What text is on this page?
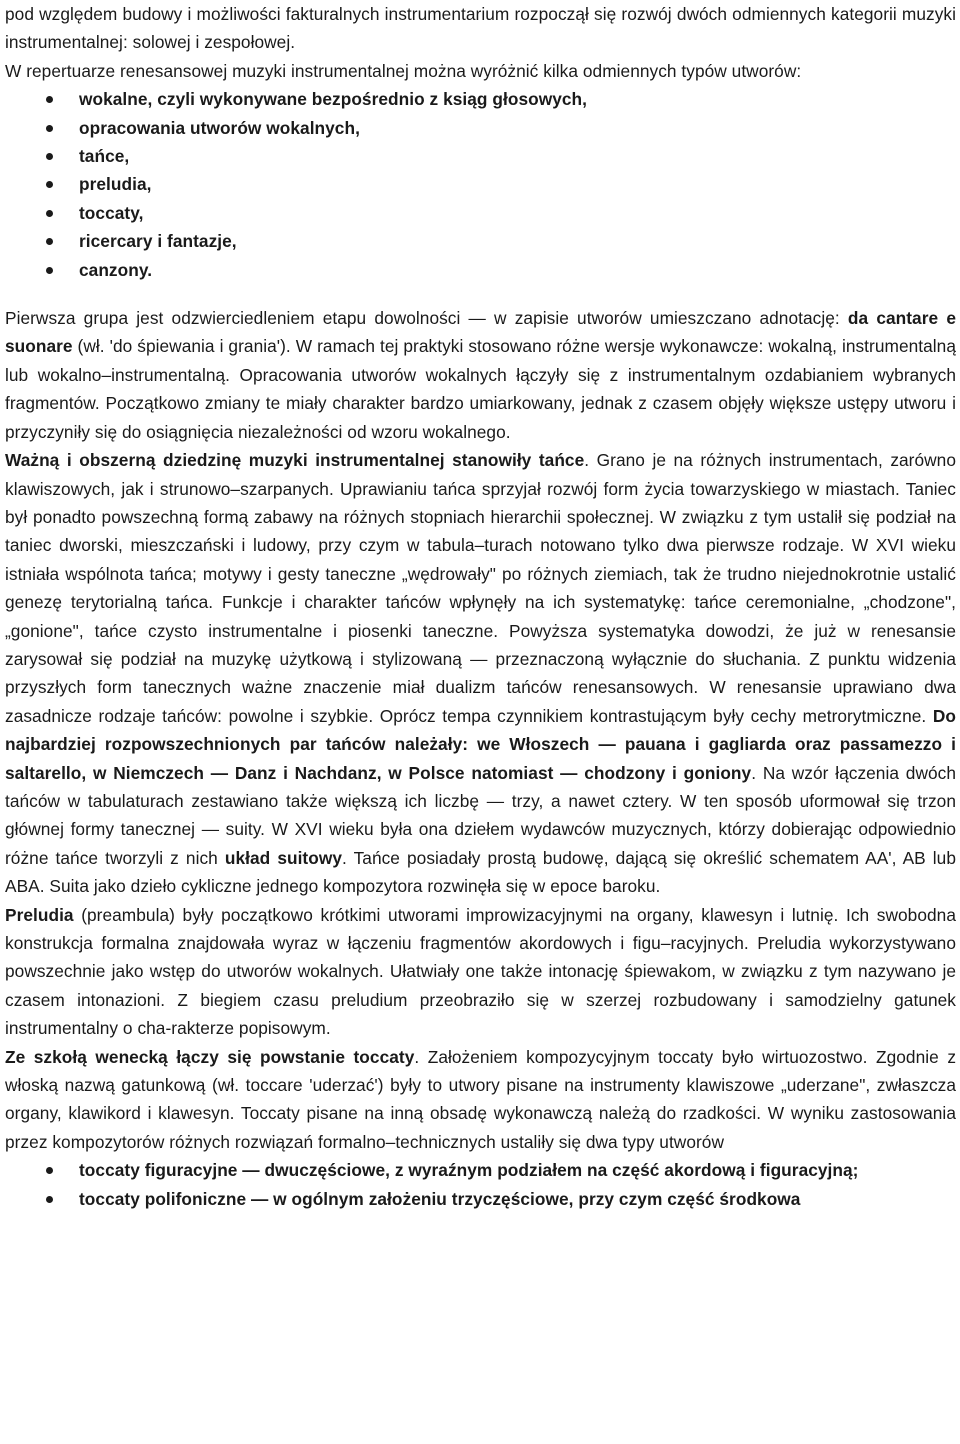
pod względem budowy i możliwości fakturalnych instrumentarium rozpoczął się rozwój dwóch odmiennych kategorii muzyki instrumentalnej: solowej i zespołowej.

W repertuarze renesansowej muzyki instrumentalnej można wyróżnić kilka odmiennych typów utworów:

wokalne, czyli wykonywane bezpośrednio z ksiąg głosowych,
opracowania utworów wokalnych,
tańce,
preludia,
toccaty,
ricercary i fantazje,
canzony.

Pierwsza grupa jest odzwierciedleniem etapu dowolności — w zapisie utworów umieszczano adnotację: da cantare e suonare (wł. 'do śpiewania i grania'). W ramach tej praktyki stosowano różne wersje wykonawcze: wokalną, instrumentalną lub wokalno–instrumentalną. Opracowania utworów wokalnych łączyły się z instrumentalnym ozdabianiem wybranych fragmentów. Początkowo zmiany te miały charakter bardzo umiarkowany, jednak z czasem objęły większe ustępy utworu i przyczyniły się do osiągnięcia niezależności od wzoru wokalnego.

Ważną i obszerną dziedzinę muzyki instrumentalnej stanowiły tańce. Grano je na różnych instrumentach, zarówno klawiszowych, jak i strunowo–szarpanych. Uprawianiu tańca sprzyjał rozwój form życia towarzyskiego w miastach. Taniec był ponadto powszechną formą zabawy na różnych stopniach hierarchii społecznej. W związku z tym ustalił się podział na taniec dworski, mieszczański i ludowy, przy czym w tabula–turach notowano tylko dwa pierwsze rodzaje. W XVI wieku istniała wspólnota tańca; motywy i gesty taneczne „wędrowały" po różnych ziemiach, tak że trudno niejednokrotnie ustalić genezę terytorialną tańca. Funkcje i charakter tańców wpłynęły na ich systematykę: tańce ceremonialne, „chodzone", „gonione", tańce czysto instrumentalne i piosenki taneczne. Powyższa systematyka dowodzi, że już w renesansie zarysował się podział na muzykę użytkową i stylizowaną — przeznaczoną wyłącznie do słuchania. Z punktu widzenia przyszłych form tanecznych ważne znaczenie miał dualizm tańców renesansowych. W renesansie uprawiano dwa zasadnicze rodzaje tańców: powolne i szybkie. Oprócz tempa czynnikiem kontrastującym były cechy metrorytmiczne. Do najbardziej rozpowszechnionych par tańców należały: we Włoszech — pauana i gagliarda oraz passamezzo i saltarello, w Niemczech — Danz i Nachdanz, w Polsce natomiast — chodzony i goniony. Na wzór łączenia dwóch tańców w tabulaturach zestawiano także większą ich liczbę — trzy, a nawet cztery. W ten sposób uformował się trzon głównej formy tanecznej — suity. W XVI wieku była ona dziełem wydawców muzycznych, którzy dobierając odpowiednio różne tańce tworzyli z nich układ suitowy. Tańce posiadały prostą budowę, dającą się określić schematem AA', AB lub ABA. Suita jako dzieło cykliczne jednego kompozytora rozwinęła się w epoce baroku.

Preludia (preambula) były początkowo krótkimi utworami improwizacyjnymi na organy, klawesyn i lutnię. Ich swobodna konstrukcja formalna znajdowała wyraz w łączeniu fragmentów akordowych i figu–racyjnych. Preludia wykorzystywano powszechnie jako wstęp do utworów wokalnych. Ułatwiały one także intonację śpiewakom, w związku z tym nazywano je czasem intonazioni. Z biegiem czasu preludium przeobraziło się w szerzej rozbudowany i samodzielny gatunek instrumentalny o cha-rakterze popisowym.

Ze szkołą wenecką łączy się powstanie toccaty. Założeniem kompozycyjnym toccaty było wirtuozostwo. Zgodnie z włoską nazwą gatunkową (wł. toccare 'uderzać') były to utwory pisane na instrumenty klawiszowe „uderzane", zwłaszcza organy, klawikord i klawesyn. Toccaty pisane na inną obsadę wykonawczą należą do rzadkości. W wyniku zastosowania przez kompozytorów różnych rozwiązań formalno–technicznych ustaliły się dwa typy utworów

toccaty figuracyjne — dwuczęściowe, z wyraźnym podziałem na część akordową i figuracyjną;
toccaty polifoniczne — w ogólnym założeniu trzyczęściowe, przy czym część środkowa
